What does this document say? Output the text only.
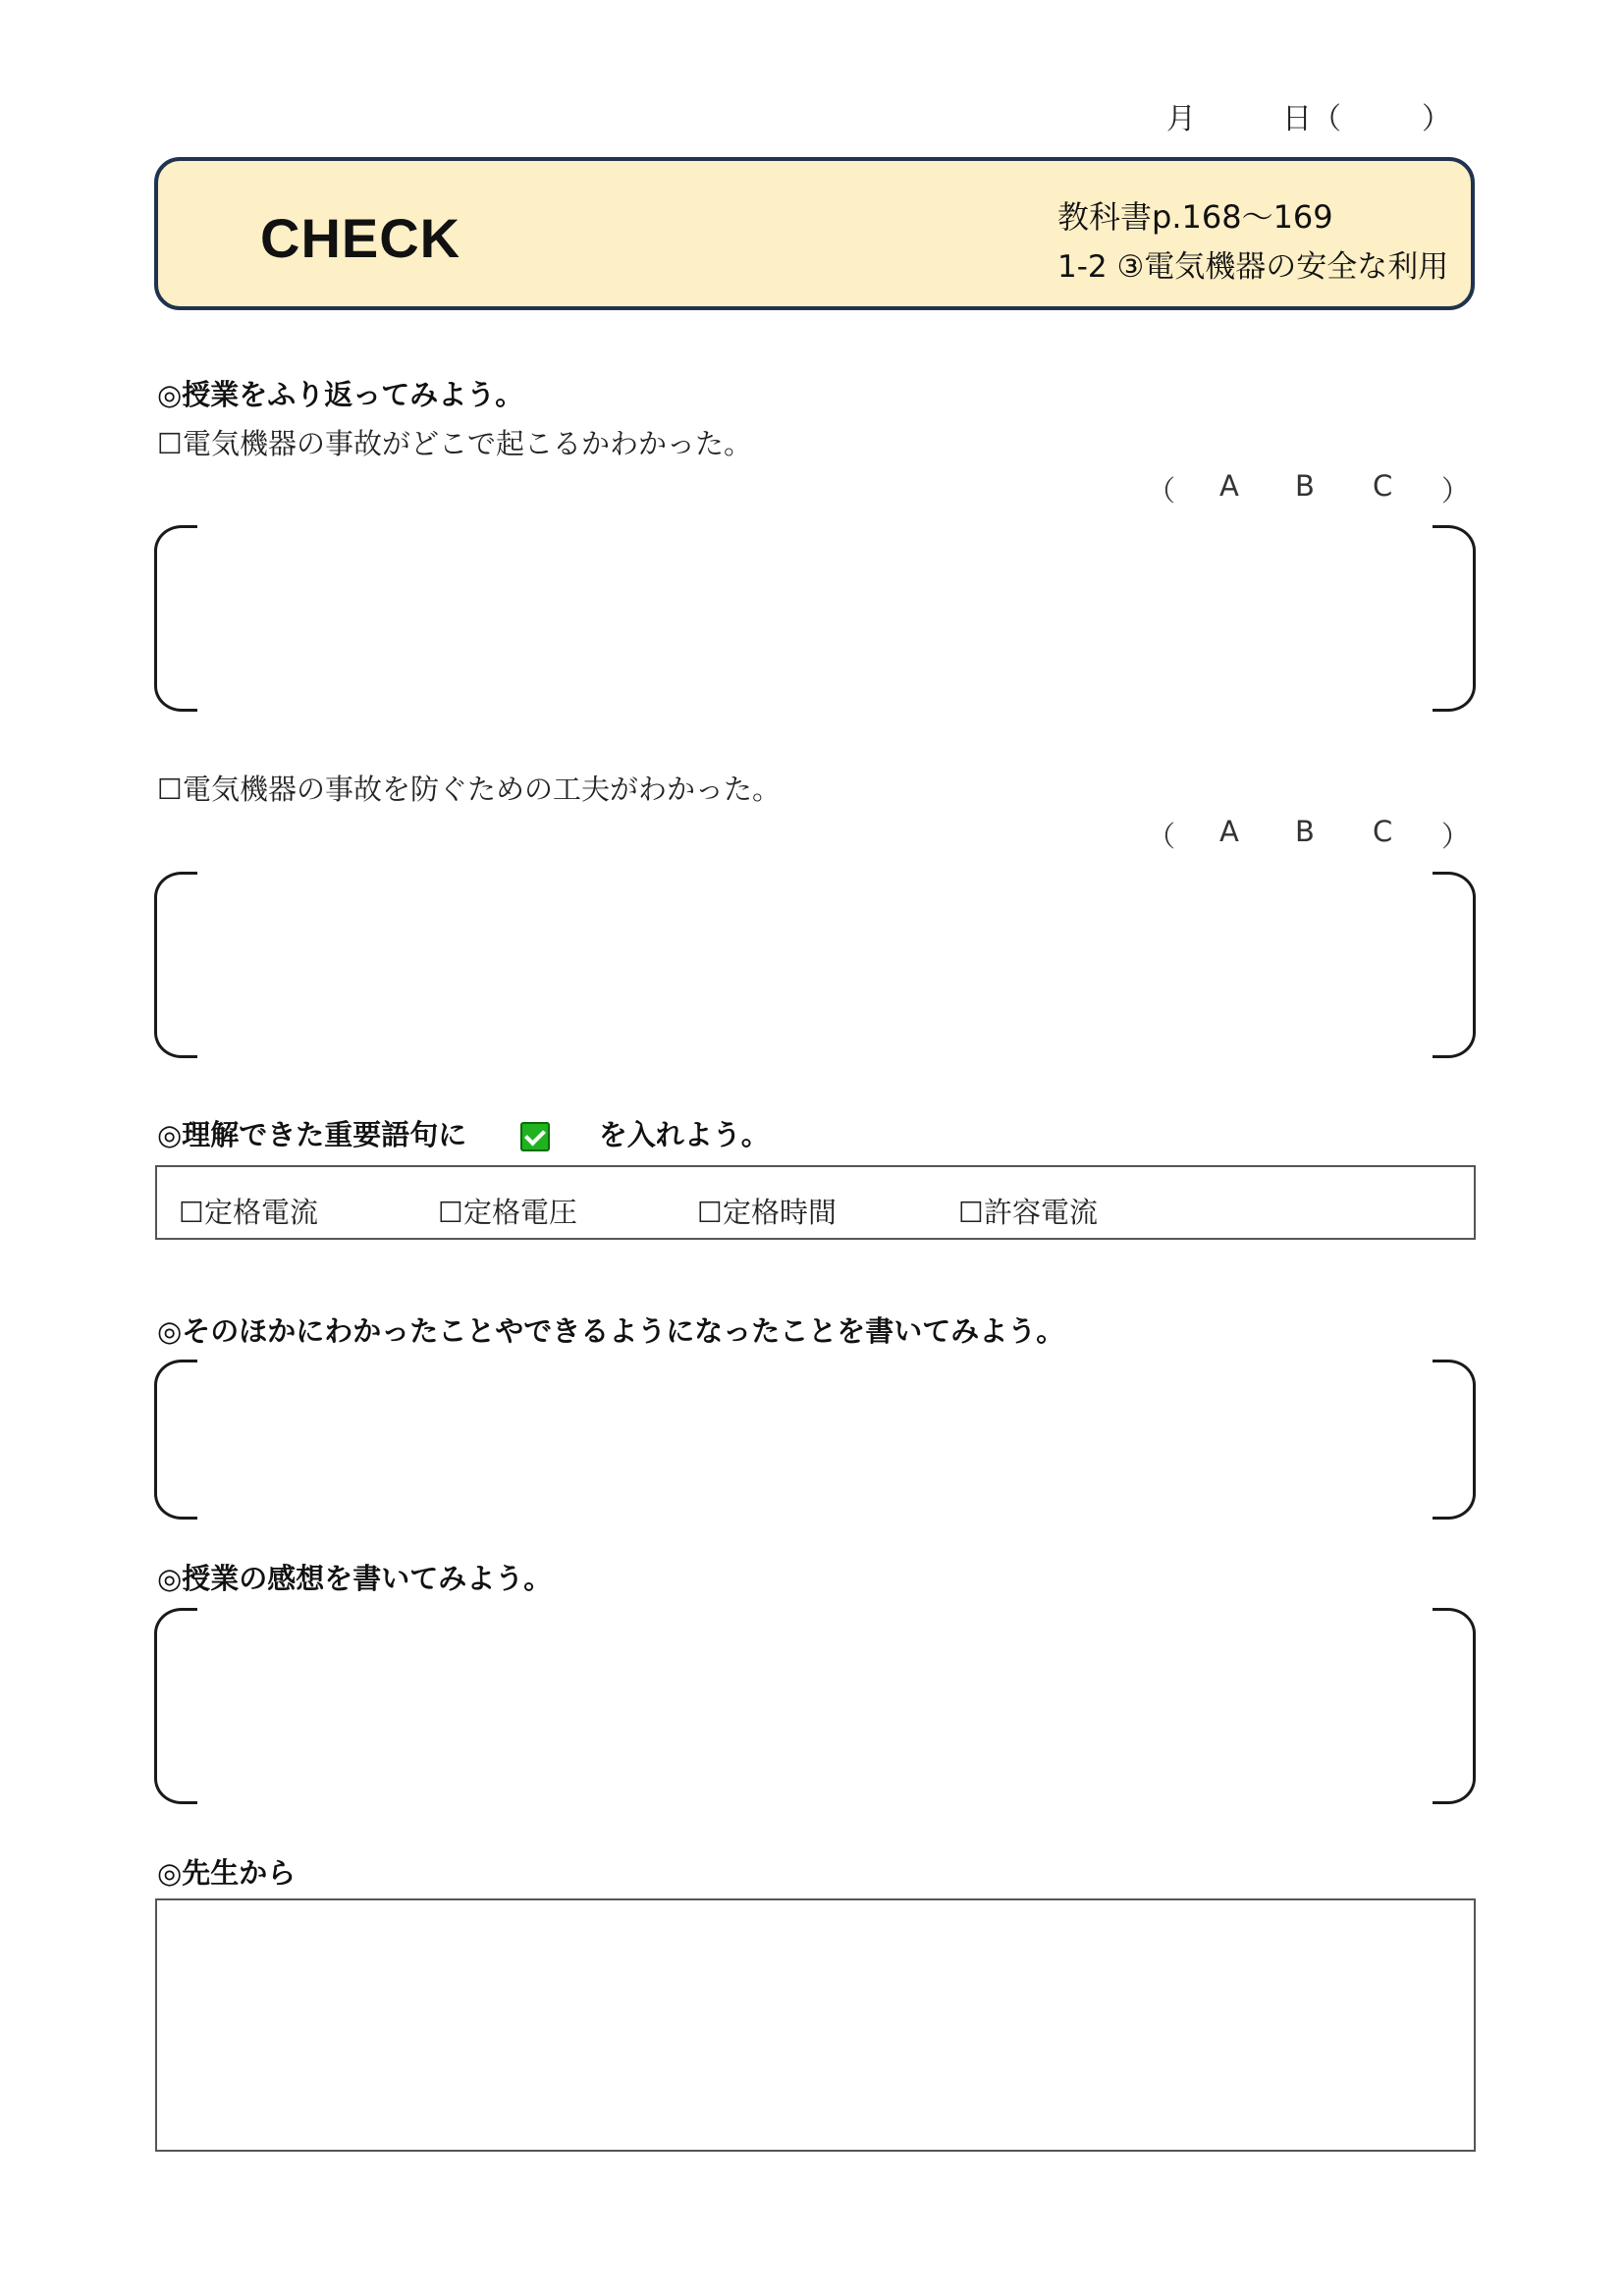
月	日（	）
CHECK	教科書p.168～169
1-2 ③電気機器の安全な利用
◎授業をふり返ってみよう。
☐電気機器の事故がどこで起こるかわかった。
（ A B C ）
☐電気機器の事故を防ぐための工夫がわかった。
（ A B C ）
◎理解できた重要語句に	を入れよう。
☐定格電流	☐定格電圧	☐定格時間	☐許容電流
◎そのほかにわかったことやできるようになったことを書いてみよう。
◎授業の感想を書いてみよう。
◎先生から
